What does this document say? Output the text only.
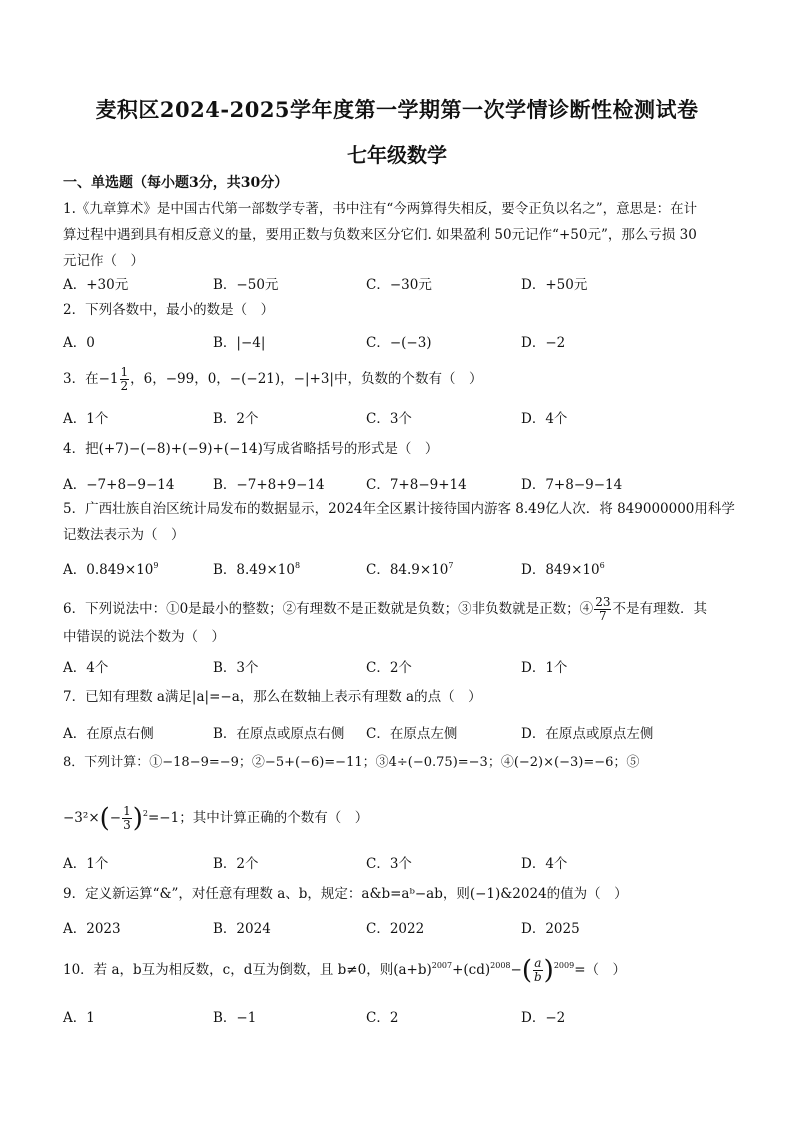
麦积区2024-2025学年度第一学期第一次学情诊断性检测试卷
七年级数学
一、单选题（每小题3分，共30分）
1.《九章算术》是中国古代第一部数学专著，书中注有“今两算得失相反，要令正负以名之”，意思是：在计
算过程中遇到具有相反意义的量，要用正数与负数来区分它们. 如果盈利 50元记作“+50元”，那么亏损 30
元记作（　）
A．+30元	B．−50元	C．−30元	D．+50元
2．下列各数中，最小的数是（　）
A．0	B．|−4|	C．−(−3)	D．−2
3．在$-1 \frac{1}{2}$ ，6，−99，0，−(−21)，−|+3|中，负数的个数有（　）
A．1个	B．2个	C．3个	D．4个
4．把(+7)−(−8)+(−9)+(−14)写成省略括号的形式是（　）
A．−7+8−9−14	B．−7+8+9−14	C．7+8−9+14	D．7+8−9−14
5．广西壮族自治区统计局发布的数据显示，2024年全区累计接待国内游客 8.49亿人次．将 849000000用科学
记数法表示为（　）
A．$0.849\times 10^9$	B．$8.49\times 10^8$	C．$84.9\times 10^7$	D．$849\times 10^6$
6．下列说法中：①0是最小的整数；②有理数不是正数就是负数；③非负数就是正数；④ $\frac{23}{7}$ 不是有理数．其
中错误的说法个数为（　）
A．4个	B．3个	C．2个	D．1个
7．已知有理数 a满足|a|=−a，那么在数轴上表示有理数 a的点（　）
A．在原点右侧	B．在原点或原点右侧 C．在原点左侧	D．在原点或原点左侧
8．下列计算：①−18−9=−9；②−5+(−6)=−11；③4÷(−0.75)=−3；④(−2)×(−3)=−6；⑤
$-3^2\times(- \frac{1}{3} )^2=-1$；其中计算正确的个数有（　）
A．1个	B．2个	C．3个	D．4个
9．定义新运算“&”，对任意有理数 a、b，规定：a&b=aᵇ−ab，则(−1)&2024的值为（　）
A．2023	B．2024	C．2022	D．2025
10．若 a，b互为相反数，c，d互为倒数，且 b≠0，则$(a+b)^{2007}+(cd)^{2008}-( \frac{a}{b} )^{2009}=$（　）
A．1	B．−1	C．2	D．−2
